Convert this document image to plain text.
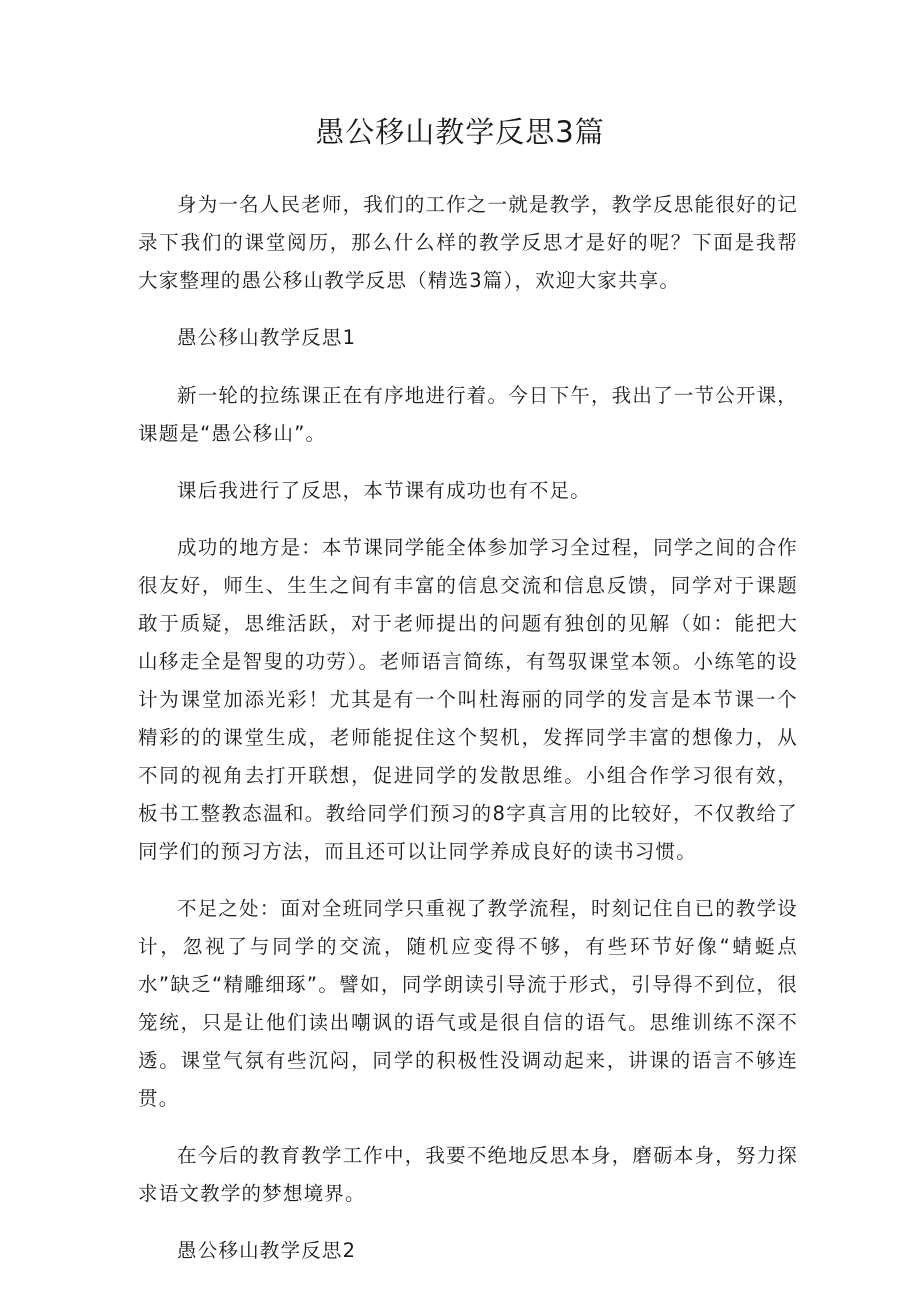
愚公移山教学反思3篇

身为一名人民老师，我们的工作之一就是教学，教学反思能很好的记录下我们的课堂阅历，那么什么样的教学反思才是好的呢？下面是我帮大家整理的愚公移山教学反思（精选3篇），欢迎大家共享。

愚公移山教学反思1

新一轮的拉练课正在有序地进行着。今日下午，我出了一节公开课，课题是“愚公移山”。

课后我进行了反思，本节课有成功也有不足。

成功的地方是：本节课同学能全体参加学习全过程，同学之间的合作很友好，师生、生生之间有丰富的信息交流和信息反馈，同学对于课题敢于质疑，思维活跃，对于老师提出的问题有独创的见解（如：能把大山移走全是智叟的功劳）。老师语言简练，有驾驭课堂本领。小练笔的设计为课堂加添光彩！尤其是有一个叫杜海丽的同学的发言是本节课一个精彩的的课堂生成，老师能捉住这个契机，发挥同学丰富的想像力，从不同的视角去打开联想，促进同学的发散思维。小组合作学习很有效，板书工整教态温和。教给同学们预习的8字真言用的比较好，不仅教给了同学们的预习方法，而且还可以让同学养成良好的读书习惯。

不足之处：面对全班同学只重视了教学流程，时刻记住自已的教学设计，忽视了与同学的交流，随机应变得不够，有些环节好像“蜻蜓点水”缺乏“精雕细琢”。譬如，同学朗读引导流于形式，引导得不到位，很笼统，只是让他们读出嘲讽的语气或是很自信的语气。思维训练不深不透。课堂气氛有些沉闷，同学的积极性没调动起来，讲课的语言不够连贯。

在今后的教育教学工作中，我要不绝地反思本身，磨砺本身，努力探求语文教学的梦想境界。

愚公移山教学反思2
